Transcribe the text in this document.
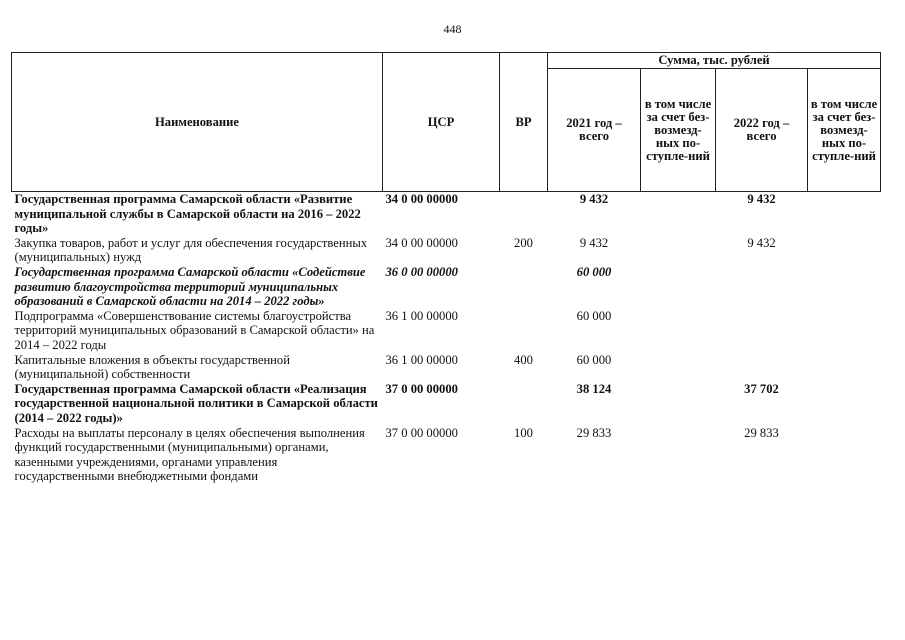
448
Наименование	ЦСР	ВР	Сумма, тыс. рублей			
			2021 год – всего	в том числе за счет без-возмезд-ных по-ступле-ний	2022 год – всего	в том числе за счет без-возмезд-ных по-ступле-ний
Государственная программа Самарской области «Развитие муниципальной службы в Самарской области на 2016 – 2022 годы»	34 0 00 00000		9 432		9 432	
Закупка товаров, работ и услуг для обеспечения государственных (муниципальных) нужд	34 0 00 00000	200	9 432		9 432	
Государственная программа Самарской области «Содействие развитию благоустройства территорий муниципальных образований в Самарской области на 2014 – 2022 годы»	36 0 00 00000		60 000			
Подпрограмма «Совершенствование системы благоустройства территорий муниципальных образований в Самарской области» на 2014 – 2022 годы	36 1 00 00000		60 000			
Капитальные вложения в объекты государственной (муниципальной) собственности	36 1 00 00000	400	60 000			
Государственная программа Самарской области «Реализация государственной национальной политики в Самарской области (2014 – 2022 годы)»	37 0 00 00000		38 124		37 702	
Расходы на выплаты персоналу в целях обеспечения выполнения функций государственными (муниципальными) органами, казенными учреждениями, органами управления государственными внебюджетными фондами	37 0 00 00000	100	29 833		29 833	
